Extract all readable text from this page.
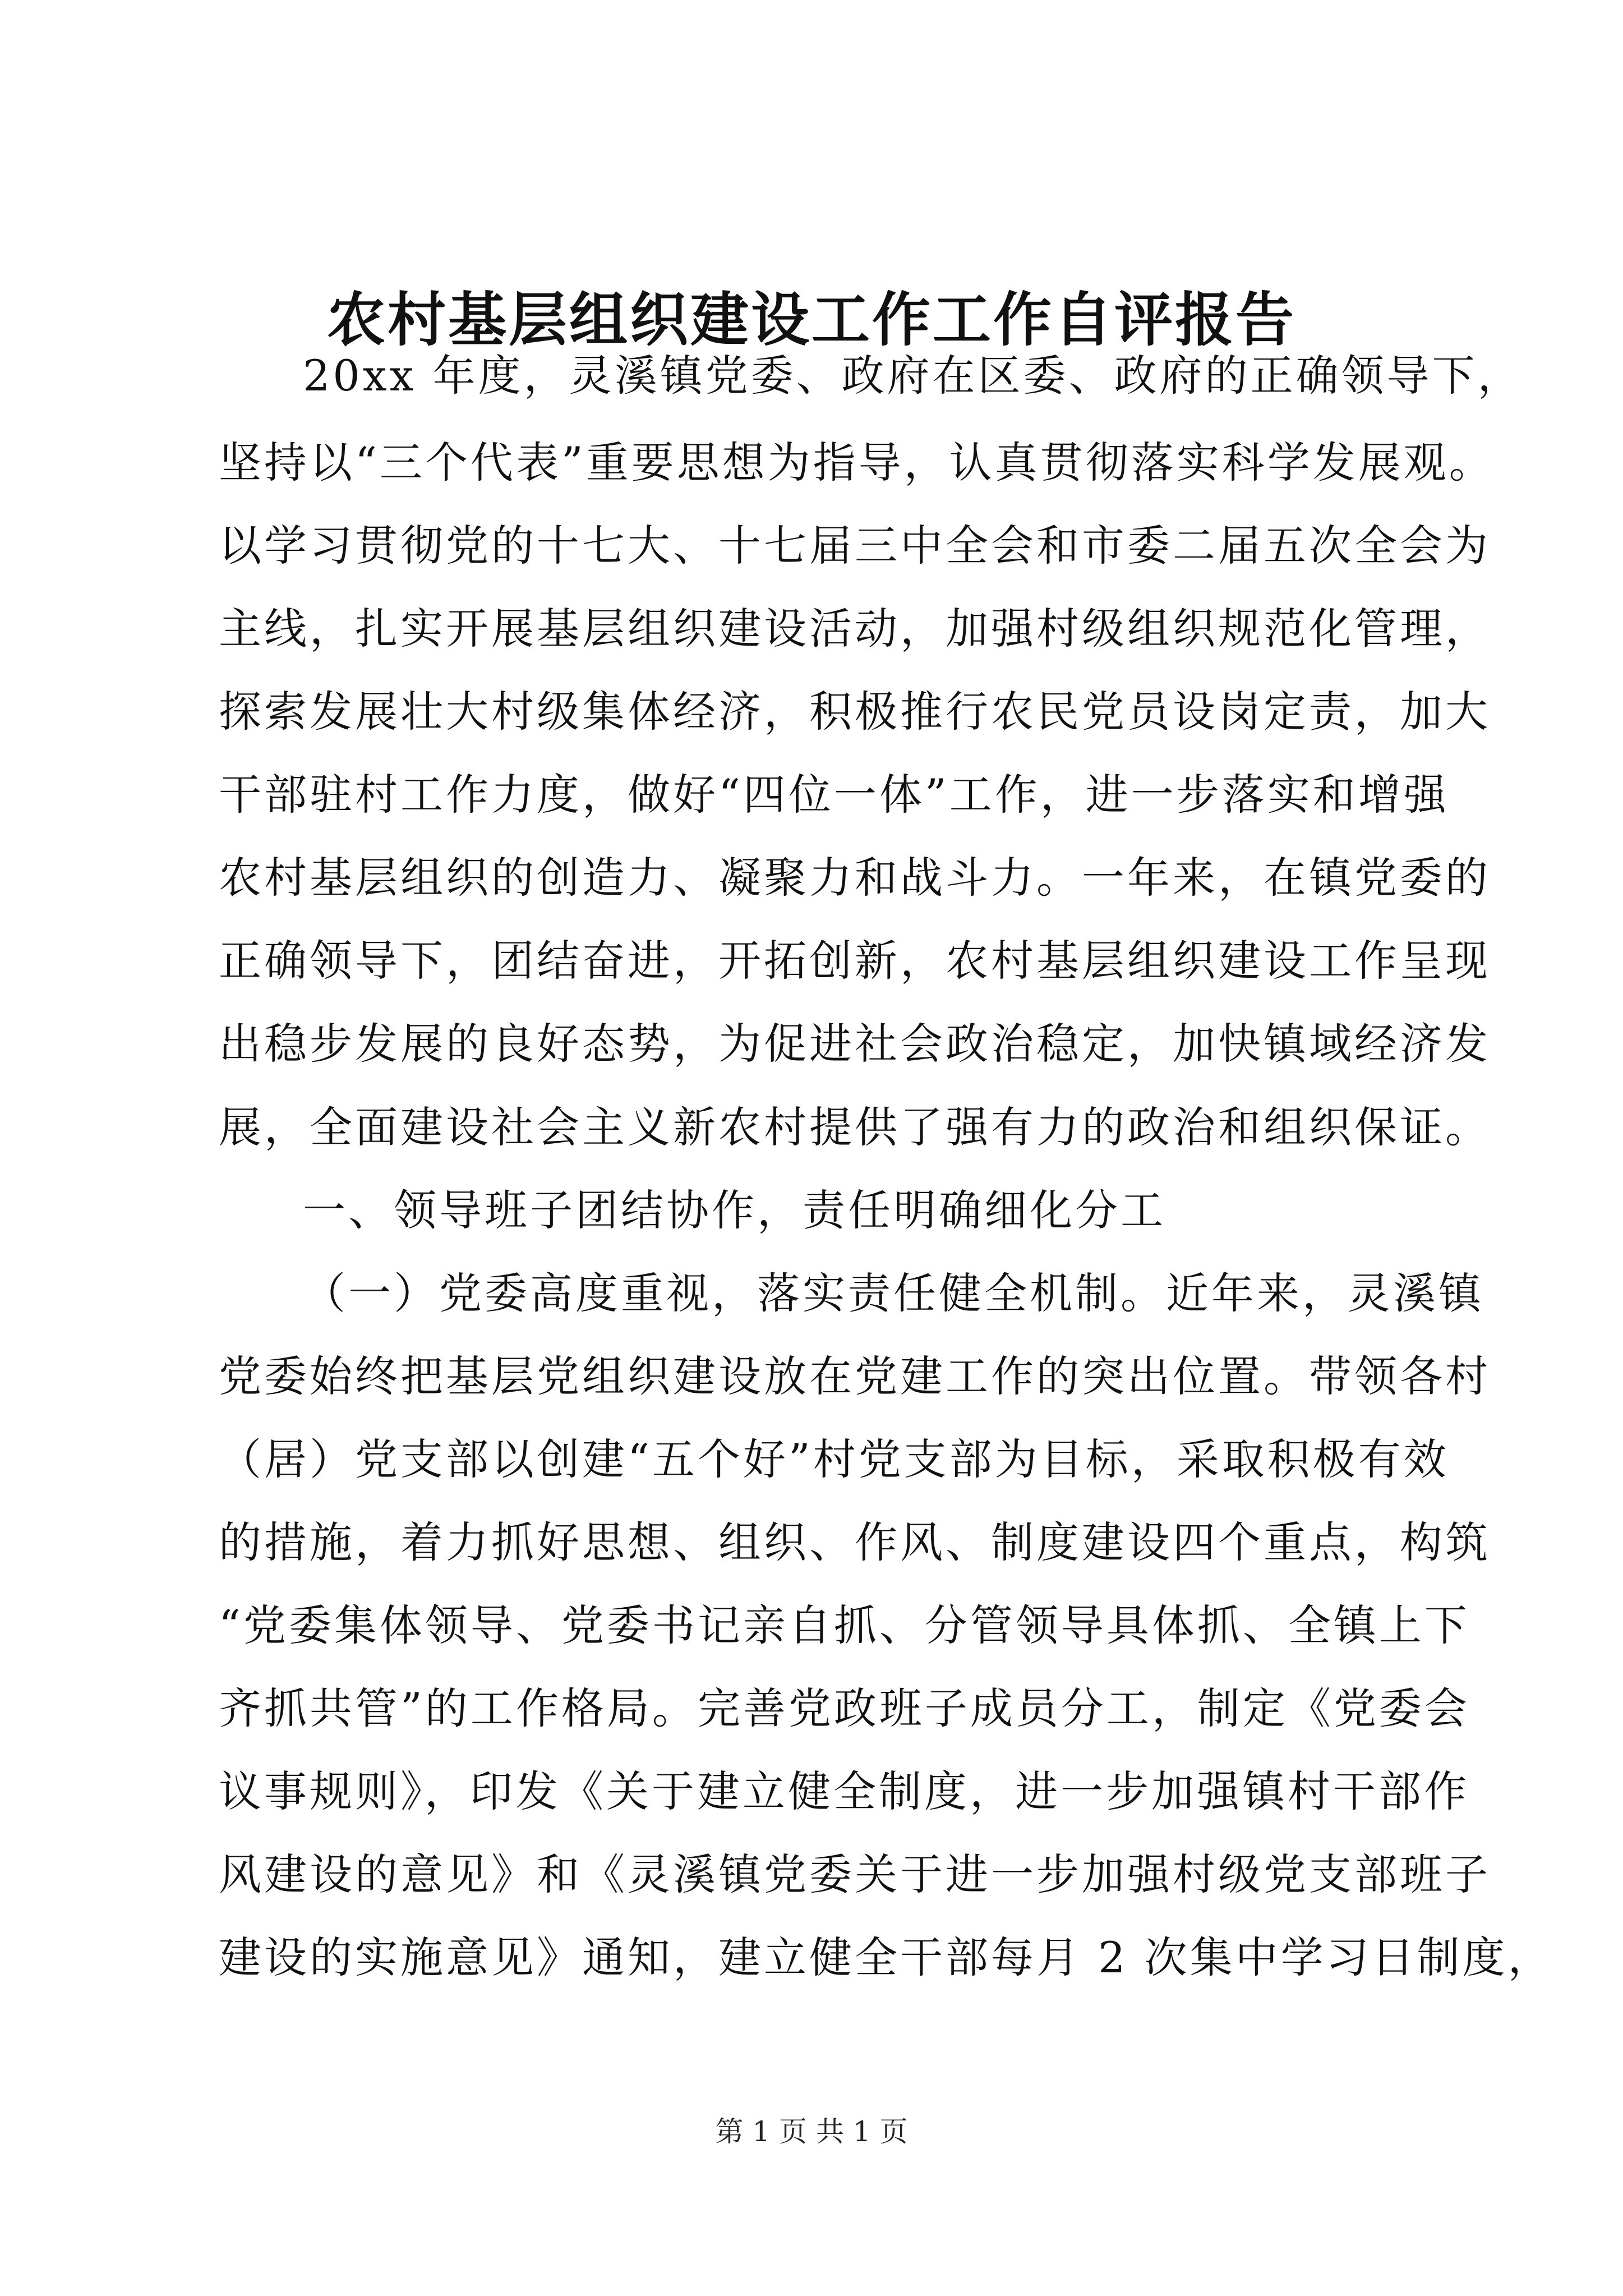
农村基层组织建设工作工作自评报告
20xx 年度，灵溪镇党委、政府在区委、政府的正确领导下，
坚持以“三个代表”重要思想为指导，认真贯彻落实科学发展观。
以学习贯彻党的十七大、十七届三中全会和市委二届五次全会为
主线，扎实开展基层组织建设活动，加强村级组织规范化管理，
探索发展壮大村级集体经济，积极推行农民党员设岗定责，加大
干部驻村工作力度，做好“四位一体”工作，进一步落实和增强
农村基层组织的创造力、凝聚力和战斗力。一年来，在镇党委的
正确领导下，团结奋进，开拓创新，农村基层组织建设工作呈现
出稳步发展的良好态势，为促进社会政治稳定，加快镇域经济发
展，全面建设社会主义新农村提供了强有力的政治和组织保证。
一、领导班子团结协作，责任明确细化分工
（一）党委高度重视，落实责任健全机制。近年来，灵溪镇
党委始终把基层党组织建设放在党建工作的突出位置。带领各村
（居）党支部以创建“五个好”村党支部为目标，采取积极有效
的措施，着力抓好思想、组织、作风、制度建设四个重点，构筑
“党委集体领导、党委书记亲自抓、分管领导具体抓、全镇上下
齐抓共管”的工作格局。完善党政班子成员分工，制定《党委会
议事规则》，印发《关于建立健全制度，进一步加强镇村干部作
风建设的意见》和《灵溪镇党委关于进一步加强村级党支部班子
建设的实施意见》通知，建立健全干部每月 2 次集中学习日制度，
第 1 页 共 1 页
